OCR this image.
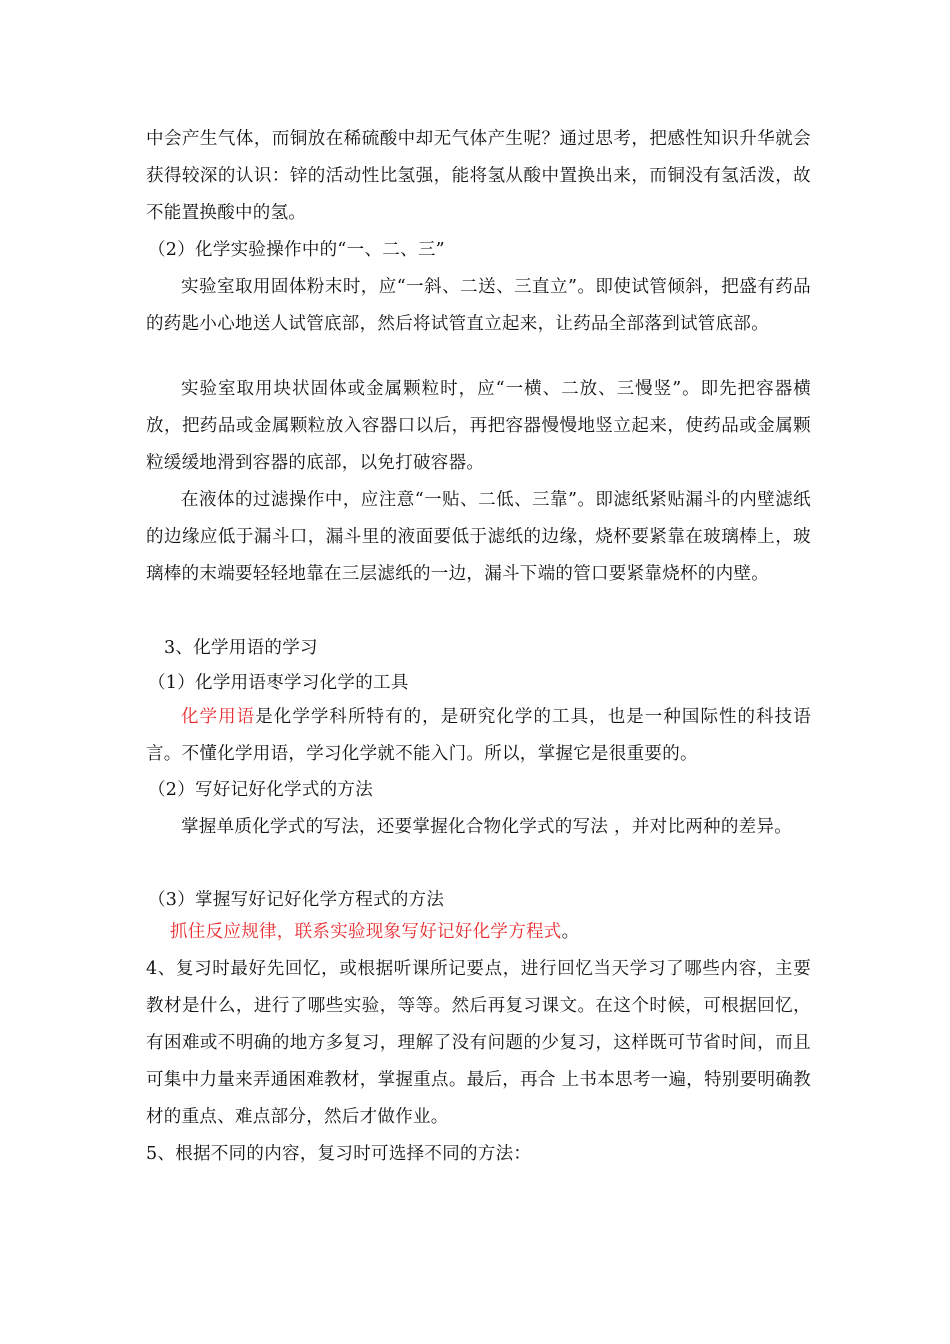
中会产生气体，而铜放在稀硫酸中却无气体产生呢？通过思考，把感性知识升华就会获得较深的认识：锌的活动性比氢强，能将氢从酸中置换出来，而铜没有氢活泼，故不能置换酸中的氢。

（2）化学实验操作中的“一、二、三”

实验室取用固体粉末时，应“一斜、二送、三直立”。即使试管倾斜，把盛有药品的药匙小心地送人试管底部，然后将试管直立起来，让药品全部落到试管底部。

实验室取用块状固体或金属颗粒时，应“一横、二放、三慢竖”。即先把容器横放，把药品或金属颗粒放入容器口以后，再把容器慢慢地竖立起来，使药品或金属颗粒缓缓地滑到容器的底部，以免打破容器。

在液体的过滤操作中，应注意“一贴、二低、三靠”。即滤纸紧贴漏斗的内壁滤纸的边缘应低于漏斗口，漏斗里的液面要低于滤纸的边缘，烧杯要紧靠在玻璃棒上，玻璃棒的末端要轻轻地靠在三层滤纸的一边，漏斗下端的管口要紧靠烧杯的内壁。

3、化学用语的学习

（1）化学用语枣学习化学的工具

化学用语是化学学科所特有的，是研究化学的工具，也是一种国际性的科技语言。不懂化学用语，学习化学就不能入门。所以，掌握它是很重要的。

（2）写好记好化学式的方法

掌握单质化学式的写法，还要掌握化合物化学式的写法 ，并对比两种的差异。

（3）掌握写好记好化学方程式的方法

抓住反应规律，联系实验现象写好记好化学方程式。

4、复习时最好先回忆，或根据听课所记要点，进行回忆当天学习了哪些内容，主要教材是什么，进行了哪些实验，等等。然后再复习课文。在这个时候，可根据回忆，有困难或不明确的地方多复习，理解了没有问题的少复习，这样既可节省时间，而且可集中力量来弄通困难教材，掌握重点。最后，再合 上书本思考一遍，特别要明确教材的重点、难点部分，然后才做作业。

5、根据不同的内容，复习时可选择不同的方法：
